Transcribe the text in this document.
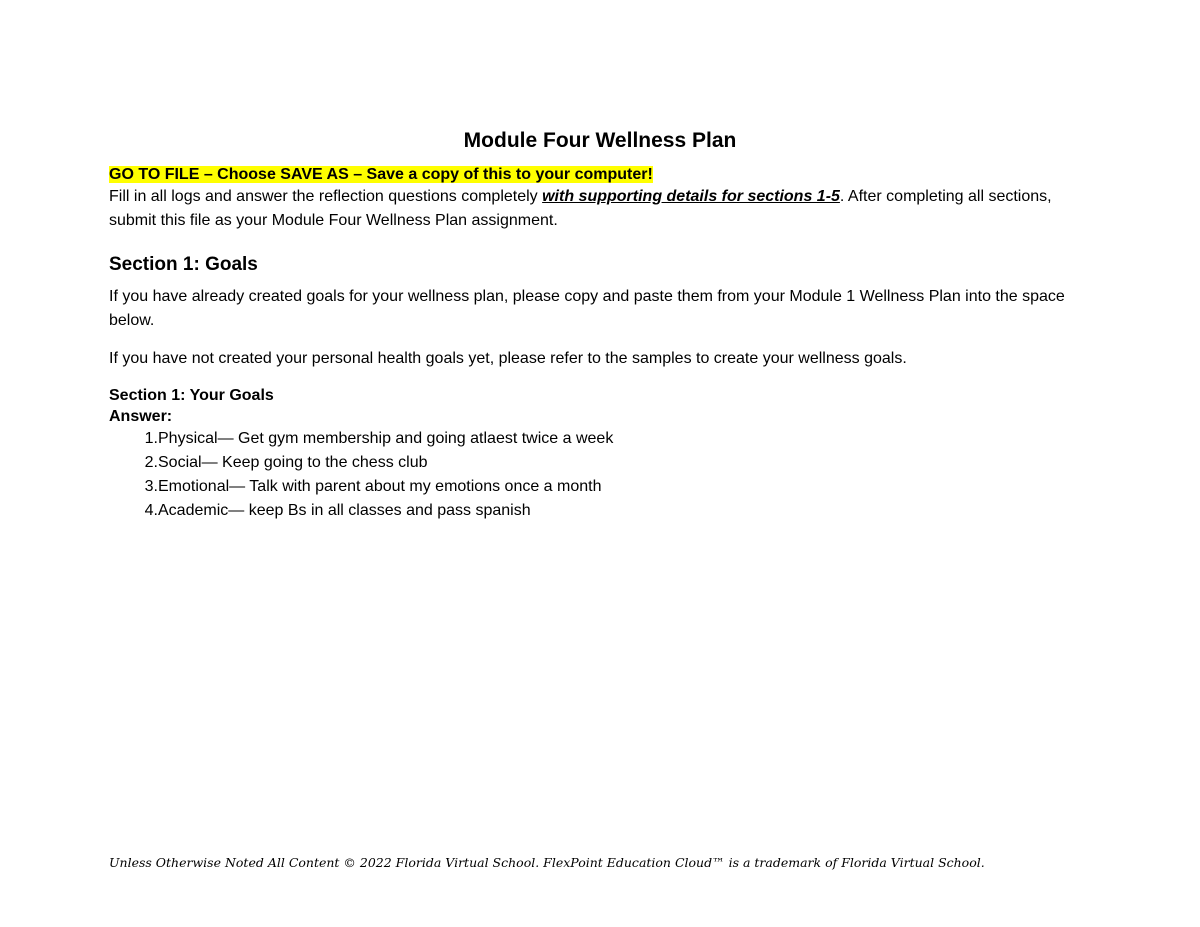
Module Four Wellness Plan
GO TO FILE – Choose SAVE AS – Save a copy of this to your computer!

Fill in all logs and answer the reflection questions completely with supporting details for sections 1-5. After completing all sections, submit this file as your Module Four Wellness Plan assignment.

Section 1: Goals

If you have already created goals for your wellness plan, please copy and paste them from your Module 1 Wellness Plan into the space below.

If you have not created your personal health goals yet, please refer to the samples to create your wellness goals.

Section 1: Your Goals
Answer:
1. Physical— Get gym membership and going atlaest twice a week
2. Social— Keep going to the chess club
3. Emotional— Talk with parent about my emotions once a month
4. Academic— keep Bs in all classes and pass spanish
Unless Otherwise Noted All Content © 2022 Florida Virtual School. FlexPoint Education Cloud™ is a trademark of Florida Virtual School.
